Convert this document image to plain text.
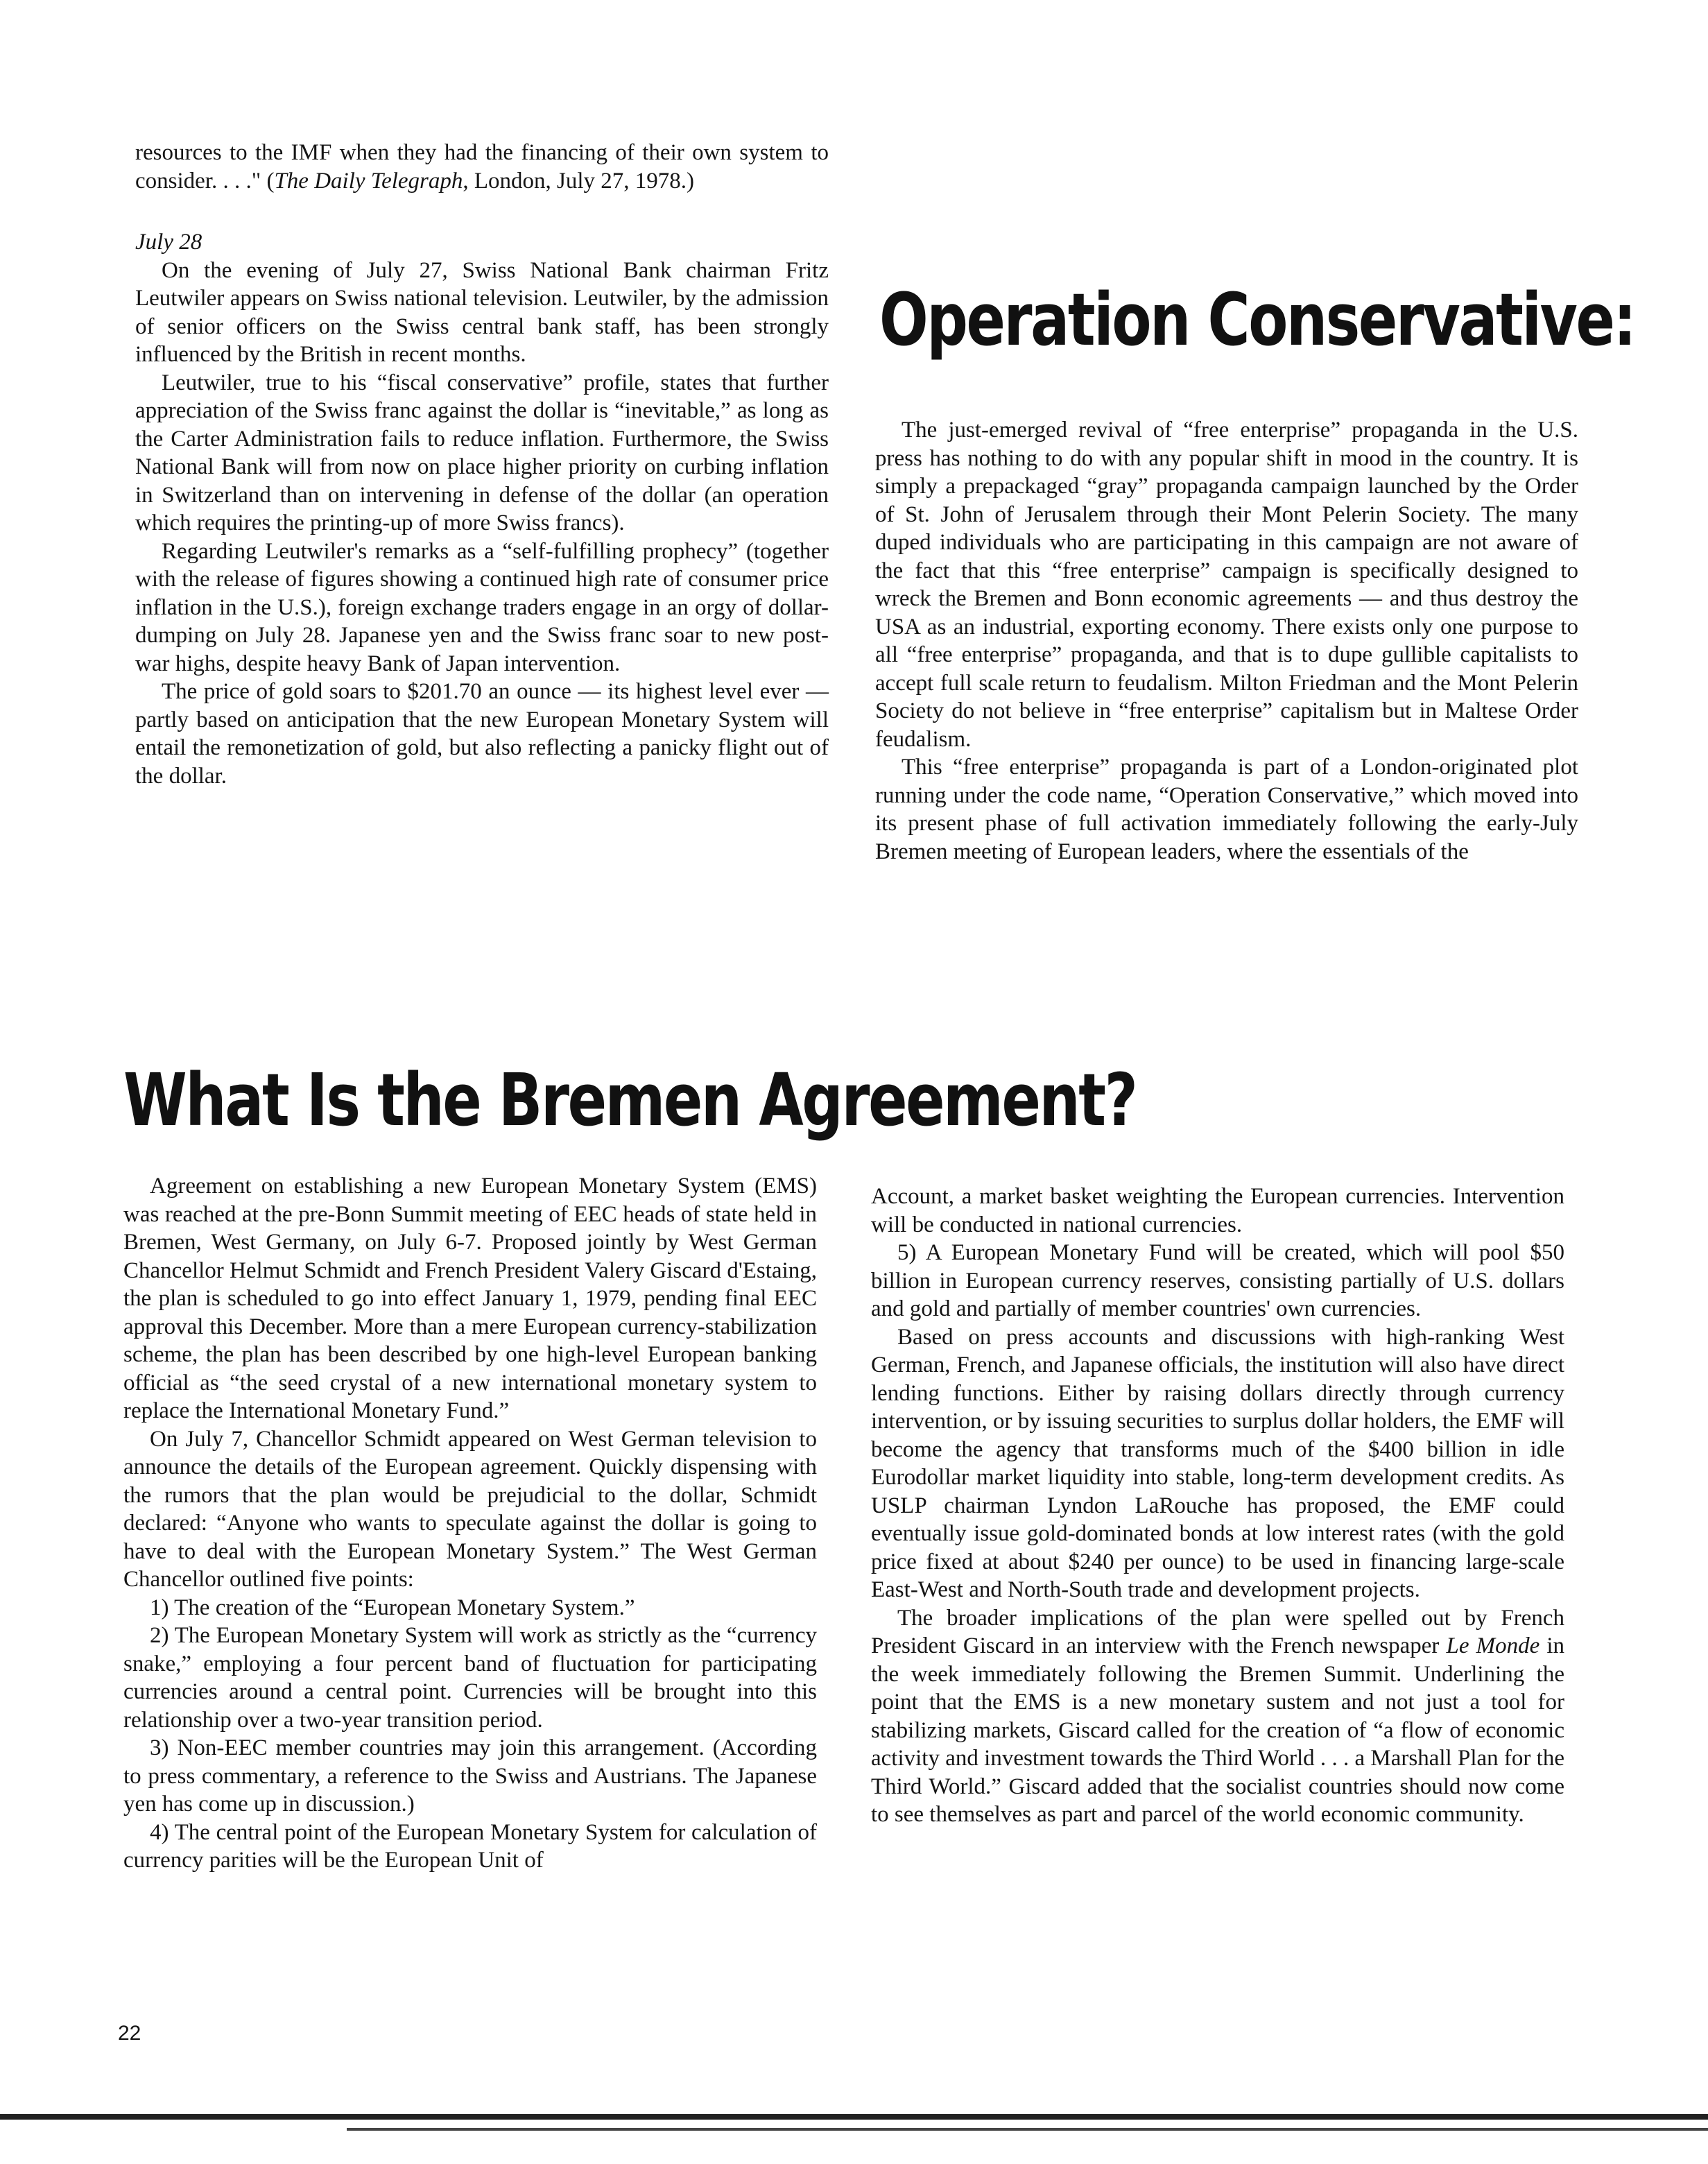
resources to the IMF when they had the financing of their own system to consider. . . ." (The Daily Telegraph, London, July 27, 1978.)

July 28

On the evening of July 27, Swiss National Bank chairman Fritz Leutwiler appears on Swiss national television. Leutwiler, by the admission of senior officers on the Swiss central bank staff, has been strongly influenced by the British in recent months.

Leutwiler, true to his “fiscal conservative” profile, states that further appreciation of the Swiss franc against the dollar is “inevitable,” as long as the Carter Administration fails to reduce inflation. Furthermore, the Swiss National Bank will from now on place higher priority on curbing inflation in Switzerland than on intervening in defense of the dollar (an operation which requires the printing-up of more Swiss francs).

Regarding Leutwiler's remarks as a “self-fulfilling prophecy” (together with the release of figures showing a continued high rate of consumer price inflation in the U.S.), foreign exchange traders engage in an orgy of dollar-dumping on July 28. Japanese yen and the Swiss franc soar to new post-war highs, despite heavy Bank of Japan intervention.

The price of gold soars to $201.70 an ounce — its highest level ever — partly based on anticipation that the new European Monetary System will entail the remonetization of gold, but also reflecting a panicky flight out of the dollar.

Operation Conservative:

The just-emerged revival of “free enterprise” propaganda in the U.S. press has nothing to do with any popular shift in mood in the country. It is simply a prepackaged “gray” propaganda campaign launched by the Order of St. John of Jerusalem through their Mont Pelerin Society. The many duped individuals who are participating in this campaign are not aware of the fact that this “free enterprise” campaign is specifically designed to wreck the Bremen and Bonn economic agreements — and thus destroy the USA as an industrial, exporting economy. There exists only one purpose to all “free enterprise” propaganda, and that is to dupe gullible capitalists to accept full scale return to feudalism. Milton Friedman and the Mont Pelerin Society do not believe in “free enterprise” capitalism but in Maltese Order feudalism.

This “free enterprise” propaganda is part of a London-originated plot running under the code name, “Operation Conservative,” which moved into its present phase of full activation immediately following the early-July Bremen meeting of European leaders, where the essentials of the

What Is the Bremen Agreement?

Agreement on establishing a new European Monetary System (EMS) was reached at the pre-Bonn Summit meeting of EEC heads of state held in Bremen, West Germany, on July 6-7. Proposed jointly by West German Chancellor Helmut Schmidt and French President Valery Giscard d'Estaing, the plan is scheduled to go into effect January 1, 1979, pending final EEC approval this December. More than a mere European currency-stabilization scheme, the plan has been described by one high-level European banking official as “the seed crystal of a new international monetary system to replace the International Monetary Fund.”

On July 7, Chancellor Schmidt appeared on West German television to announce the details of the European agreement. Quickly dispensing with the rumors that the plan would be prejudicial to the dollar, Schmidt declared: “Anyone who wants to speculate against the dollar is going to have to deal with the European Monetary System.” The West German Chancellor outlined five points:

1) The creation of the “European Monetary System.”

2) The European Monetary System will work as strictly as the “currency snake,” employing a four percent band of fluctuation for participating currencies around a central point. Currencies will be brought into this relationship over a two-year transition period.

3) Non-EEC member countries may join this arrangement. (According to press commentary, a reference to the Swiss and Austrians. The Japanese yen has come up in discussion.)

4) The central point of the European Monetary System for calculation of currency parities will be the European Unit of

Account, a market basket weighting the European currencies. Intervention will be conducted in national currencies.

5) A European Monetary Fund will be created, which will pool $50 billion in European currency reserves, consisting partially of U.S. dollars and gold and partially of member countries' own currencies.

Based on press accounts and discussions with high-ranking West German, French, and Japanese officials, the institution will also have direct lending functions. Either by raising dollars directly through currency intervention, or by issuing securities to surplus dollar holders, the EMF will become the agency that transforms much of the $400 billion in idle Eurodollar market liquidity into stable, long-term development credits. As USLP chairman Lyndon LaRouche has proposed, the EMF could eventually issue gold-dominated bonds at low interest rates (with the gold price fixed at about $240 per ounce) to be used in financing large-scale East-West and North-South trade and development projects.

The broader implications of the plan were spelled out by French President Giscard in an interview with the French newspaper Le Monde in the week immediately following the Bremen Summit. Underlining the point that the EMS is a new monetary sustem and not just a tool for stabilizing markets, Giscard called for the creation of “a flow of economic activity and investment towards the Third World . . . a Marshall Plan for the Third World.” Giscard added that the socialist countries should now come to see themselves as part and parcel of the world economic community.

22
